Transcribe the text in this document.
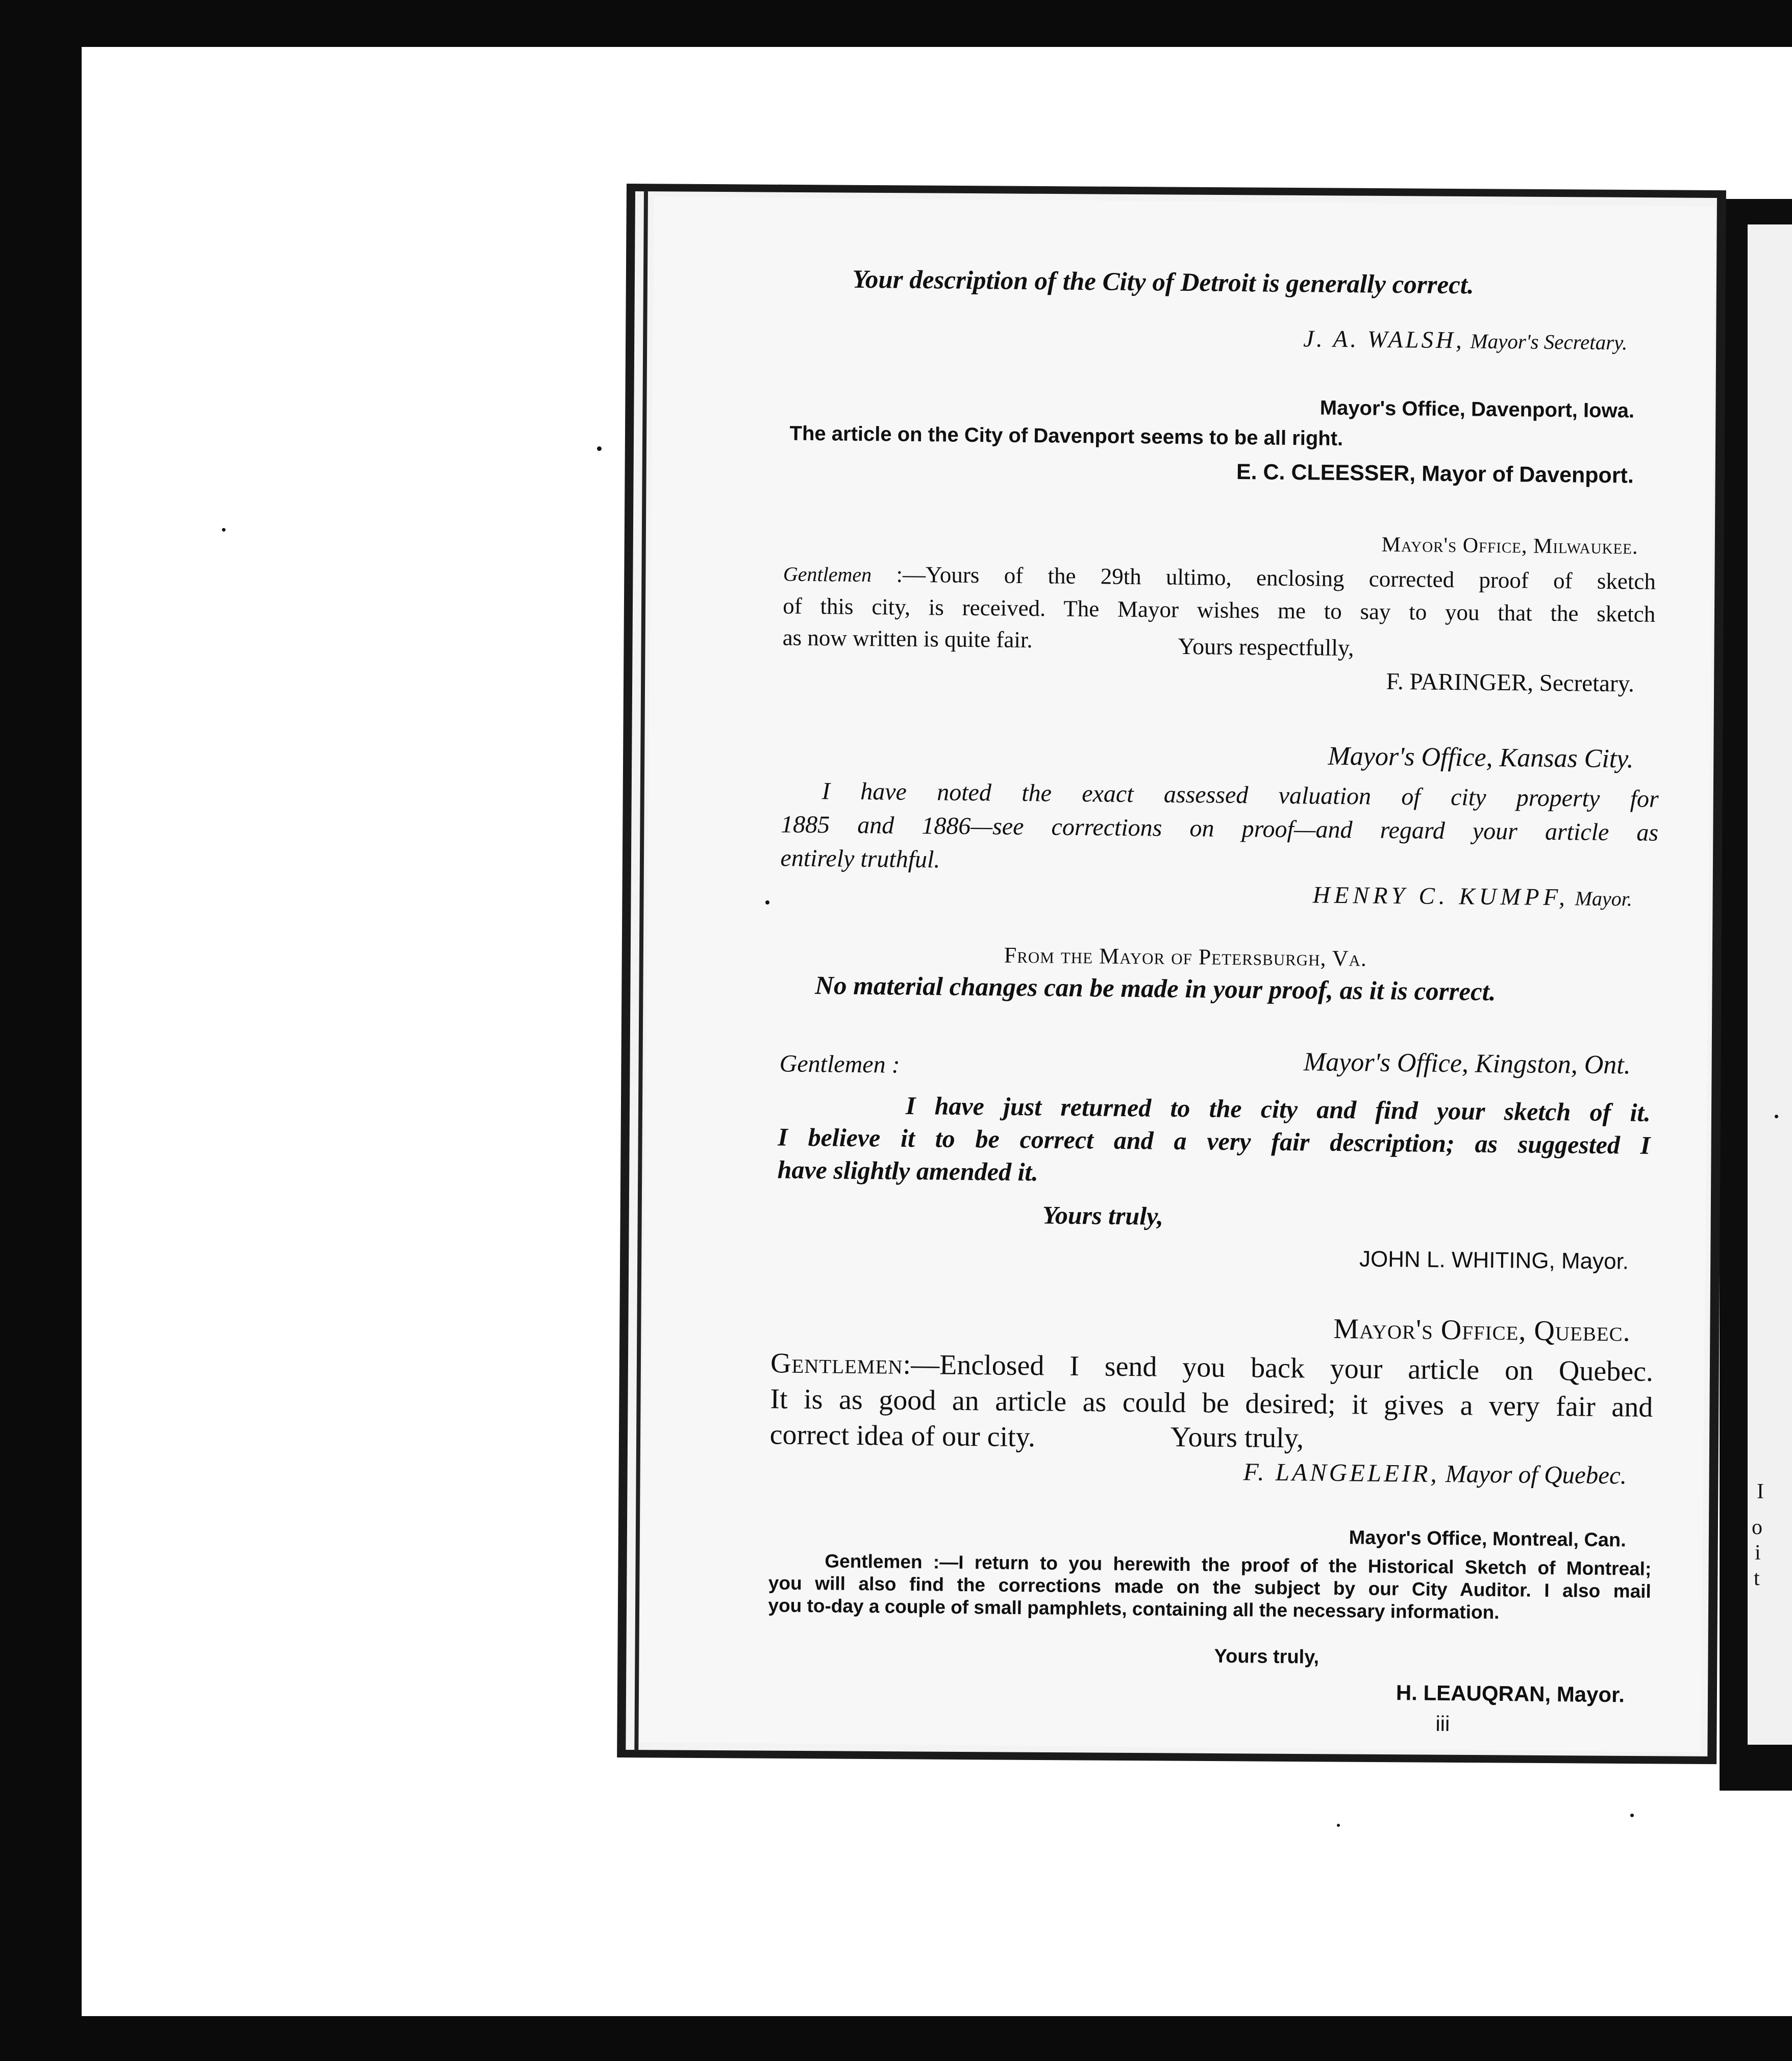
I
o
i
t
Your description of the City of Detroit is generally correct.
J. A. WALSH, Mayor's Secretary.
Mayor's Office, Davenport, Iowa.
The article on the City of Davenport seems to be all right.
E. C. CLEESSER, Mayor of Davenport.
Mayor's Office, Milwaukee.

Gentlemen :—Yours of the 29th ultimo, enclosing corrected proof of sketch

of this city, is received. The Mayor wishes me to say to you that the sketch

as now written is quite fair.	Yours respectfully,
F. PARINGER, Secretary.
Mayor's Office, Kansas City.

I have noted the exact assessed valuation of city property for

1885 and 1886—see corrections on proof—and regard your article as

entirely truthful.

HENRY C. KUMPF, Mayor.
From the Mayor of Petersburgh, Va.
No material changes can be made in your proof, as it is correct.
Gentlemen :	Mayor's Office, Kingston, Ont.

I have just returned to the city and find your sketch of it.

I believe it to be correct and a very fair description; as suggested I

have slightly amended it.

Yours truly,
JOHN L. WHITING, Mayor.
Mayor's Office, Quebec.

Gentlemen:—Enclosed I send you back your article on Quebec.

It is as good an article as could be desired; it gives a very fair and

correct idea of our city.	Yours truly,
F. LANGELEIR, Mayor of Quebec.
Mayor's Office, Montreal, Can.

Gentlemen :—I return to you herewith the proof of the Historical Sketch of Montreal;

you will also find the corrections made on the subject by our City Auditor. I also mail

you to-day a couple of small pamphlets, containing all the necessary information.

Yours truly,
H. LEAUQRAN, Mayor.
iii
